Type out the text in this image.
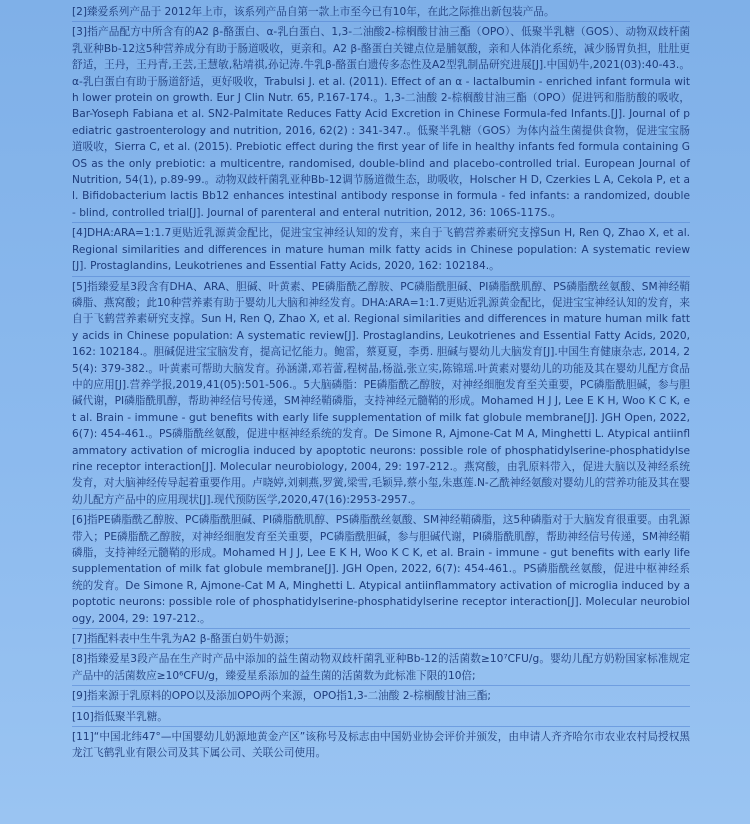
[2]臻爱系列产品于 2012年上市，该系列产品自第一款上市至今已有10年，在此之际推出新包装产品。

[3]指产品配方中所含有的A2 β-酪蛋白、α-乳白蛋白、1,3-二油酸2-棕榈酸甘油三酯（OPO）、低聚半乳糖（GOS）、动物双歧杆菌乳亚种Bb-12这5种营养成分有助于肠道吸收，更亲和。A2 β-酪蛋白关键点位是脯氨酸，亲和人体消化系统，减少肠胃负担，肚肚更舒适，王丹，王丹青,王芸,王慧敏,粘靖祺,孙记涛.牛乳β-酪蛋白遗传多态性及A2型乳制品研究进展[J].中国奶牛,2021(03):40-43.。α-乳白蛋白有助于肠道舒适，更好吸收，Trabulsi J. et al. (2011). Effect of an α - lactalbumin - enriched infant formula with lower protein on growth. Eur J Clin Nutr. 65, P.167-174.。1,3-二油酸 2-棕榈酸甘油三酯（OPO）促进钙和脂肪酸的吸收，Bar-Yoseph Fabiana et al. SN2-Palmitate Reduces Fatty Acid Excretion in Chinese Formula-fed Infants.[J]. Journal of pediatric gastroenterology and nutrition, 2016, 62(2) : 341-347.。低聚半乳糖（GOS）为体内益生菌提供食物，促进宝宝肠道吸收，Sierra C, et al. (2015). Prebiotic effect during the first year of life in healthy infants fed formula containing GOS as the only prebiotic: a multicentre, randomised, double-blind and placebo-controlled trial. European Journal of Nutrition, 54(1), p.89-99.。动物双歧杆菌乳亚种Bb-12调节肠道微生态，助吸收，Holscher H D, Czerkies L A, Cekola P, et al. Bifidobacterium lactis Bb12 enhances intestinal antibody response in formula - fed infants: a randomized, double - blind, controlled trial[J]. Journal of parenteral and enteral nutrition, 2012, 36: 106S-117S.。

[4]DHA:ARA=1:1.7更贴近乳源黄金配比，促进宝宝神经认知的发育，来自于飞鹤营养素研究支撑Sun H, Ren Q, Zhao X, et al. Regional similarities and differences in mature human milk fatty acids in Chinese population: A systematic review[J]. Prostaglandins, Leukotrienes and Essential Fatty Acids, 2020, 162: 102184.。

[5]指臻爱星3段含有DHA、ARA、胆碱、叶黄素、PE磷脂酰乙醇胺、PC磷脂酰胆碱、PI磷脂酰肌醇、PS磷脂酰丝氨酸、SM神经鞘磷脂、燕窝酸；此10种营养素有助于婴幼儿大脑和神经发育。DHA:ARA=1:1.7更贴近乳源黄金配比，促进宝宝神经认知的发育，来自于飞鹤营养素研究支撑。Sun H, Ren Q, Zhao X, et al. Regional similarities and differences in mature human milk fatty acids in Chinese population: A systematic review[J]. Prostaglandins, Leukotrienes and Essential Fatty Acids, 2020, 162: 102184.。胆碱促进宝宝脑发育，提高记忆能力。鲍雷，蔡夏夏，李勇. 胆碱与婴幼儿大脑发育[J].中国生育健康杂志, 2014, 25(4): 379-382.。叶黄素可帮助大脑发育。孙涵潇,邓若蕾,程树晶,杨溢,张立实,陈锦瑶.叶黄素对婴幼儿的功能及其在婴幼儿配方食品中的应用[J].营养学报,2019,41(05):501-506.。5大脑磷脂：PE磷脂酰乙醇胺，对神经细胞发育至关重要，PC磷脂酰胆碱，参与胆碱代谢，PI磷脂酰肌醇，帮助神经信号传递，SM神经鞘磷脂，支持神经元髓鞘的形成。Mohamed H J J, Lee E K H, Woo K C K, et al. Brain - immune - gut benefits with early life supplementation of milk fat globule membrane[J]. JGH Open, 2022, 6(7): 454-461.。PS磷脂酰丝氨酸，促进中枢神经系统的发育。De Simone R, Ajmone-Cat M A, Minghetti L. Atypical antiinflammatory activation of microglia induced by apoptotic neurons: possible role of phosphatidylserine-phosphatidylserine receptor interaction[J]. Molecular neurobiology, 2004, 29: 197-212.。燕窝酸，由乳原料带入，促进大脑以及神经系统发育，对大脑神经传导起着重要作用。卢晓婷,刘刺燕,罗黉,梁雪,毛颖异,蔡小玺,朱惠莲.N-乙酰神经氨酸对婴幼儿的营养功能及其在婴幼儿配方产品中的应用现状[J].现代预防医学,2020,47(16):2953-2957.。

[6]指PE磷脂酰乙醇胺、PC磷脂酰胆碱、PI磷脂酰肌醇、PS磷脂酰丝氨酸、SM神经鞘磷脂，这5种磷脂对于大脑发育很重要。由乳源带入；PE磷脂酰乙醇胺，对神经细胞发育至关重要，PC磷脂酰胆碱，参与胆碱代谢，PI磷脂酰肌醇，帮助神经信号传递，SM神经鞘磷脂，支持神经元髓鞘的形成。Mohamed H J J, Lee E K H, Woo K C K, et al. Brain - immune - gut benefits with early life supplementation of milk fat globule membrane[J]. JGH Open, 2022, 6(7): 454-461.。PS磷脂酰丝氨酸，促进中枢神经系统的发育。De Simone R, Ajmone-Cat M A, Minghetti L. Atypical antiinflammatory activation of microglia induced by apoptotic neurons: possible role of phosphatidylserine-phosphatidylserine receptor interaction[J]. Molecular neurobiology, 2004, 29: 197-212.。

[7]指配料表中生牛乳为A2 β-酪蛋白奶牛奶源；

[8]指臻爱星3段产品在生产时产品中添加的益生菌动物双歧杆菌乳亚种Bb-12的活菌数≥10⁷CFU/g。婴幼儿配方奶粉国家标准规定产品中的活菌数应≥10⁶CFU/g，臻爱星系添加的益生菌的活菌数为此标准下限的10倍;

[9]指来源于乳原料的OPO以及添加OPO两个来源，OPO指1,3-二油酸 2-棕榈酸甘油三酯;

[10]指低聚半乳糖。

[11]“中国北纬47°—中国婴幼儿奶源地黄金产区”该称号及标志由中国奶业协会评价并颁发，由申请人齐齐哈尔市农业农村局授权黑龙江飞鹤乳业有限公司及其下属公司、关联公司使用。
